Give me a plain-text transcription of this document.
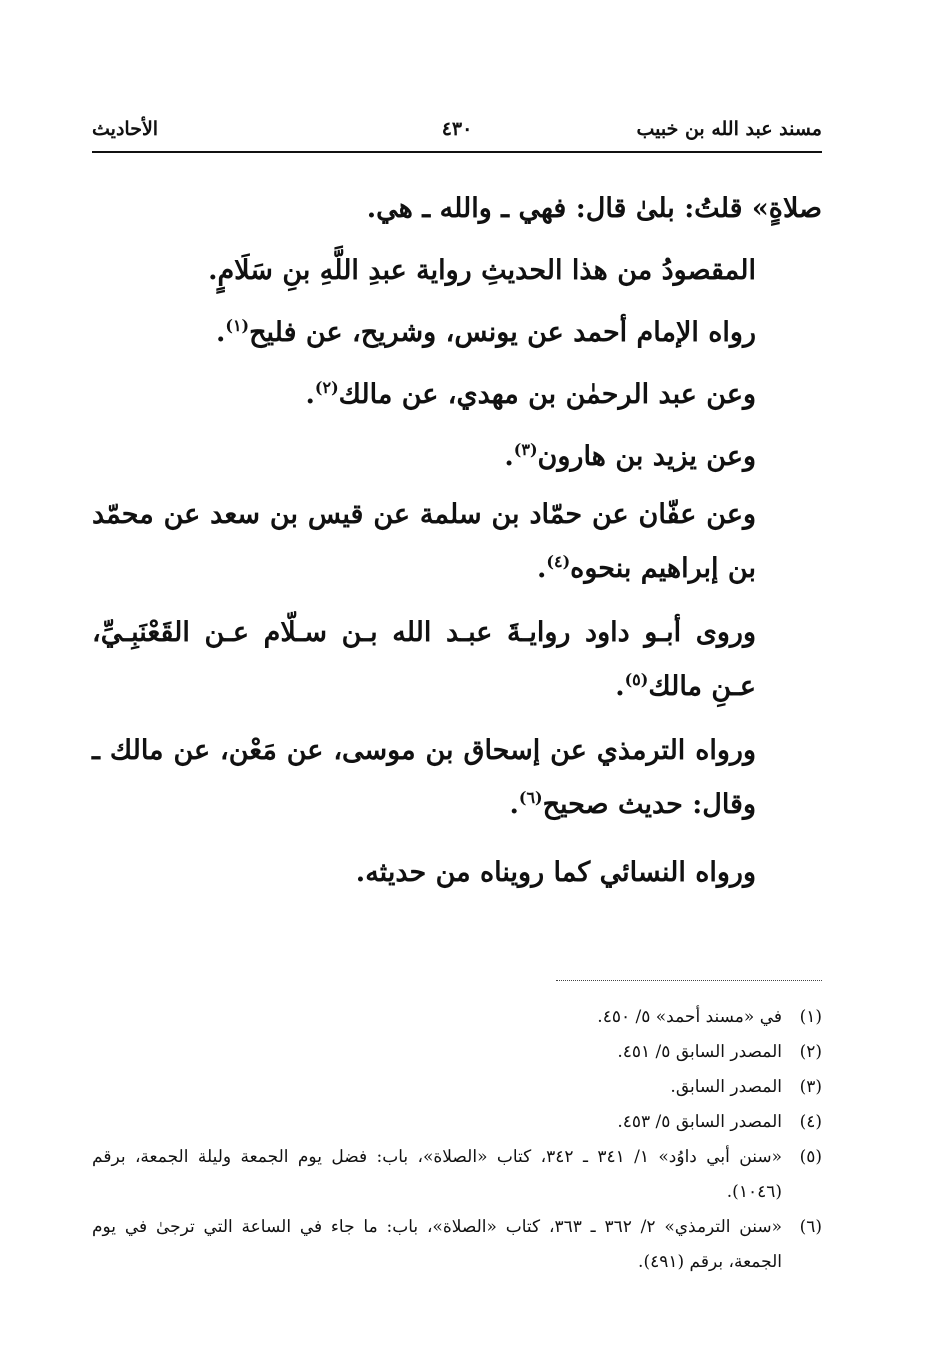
مسند عبد الله بن خبيب
٤٣٠
الأحاديث

صلاةٍ» قلتُ: بلىٰ قال: فهي ـ والله ـ هي.

المقصودُ من هذا الحديثِ رواية عبدِ اللَّهِ بنِ سَلَامٍ.

رواه الإمام أحمد عن يونس، وشريح، عن فليح$^{(١)}$.

وعن عبد الرحمٰن بن مهدي، عن مالك$^{(٢)}$.

وعن يزيد بن هارون$^{(٣)}$.

وعن عفّان عن حمّاد بن سلمة عن قيس بن سعد عن محمّد بن إبراهيم بنحوه$^{(٤)}$.

وروى أبـو داود روايـةَ عبـد الله بـن سـلّام عـن القَعْنَبِـيِّ، عـنِ مالك$^{(٥)}$.

ورواه الترمذي عن إسحاق بن موسى، عن مَعْن، عن مالك ـ وقال: حديث صحيح$^{(٦)}$.

ورواه النسائي كما رويناه من حديثه.

(١)
في «مسند أحمد» ٥/ ٤٥٠.
(٢)
المصدر السابق ٥/ ٤٥١.
(٣)
المصدر السابق.
(٤)
المصدر السابق ٥/ ٤٥٣.
(٥)
«سنن أبي داوُد» ١/ ٣٤١ ـ ٣٤٢، كتاب «الصلاة»، باب: فضل يوم الجمعة وليلة الجمعة، برقم (١٠٤٦).
(٦)
«سنن الترمذي» ٢/ ٣٦٢ ـ ٣٦٣، كتاب «الصلاة»، باب: ما جاء في الساعة التي ترجىٰ في يوم الجمعة، برقم (٤٩١).
